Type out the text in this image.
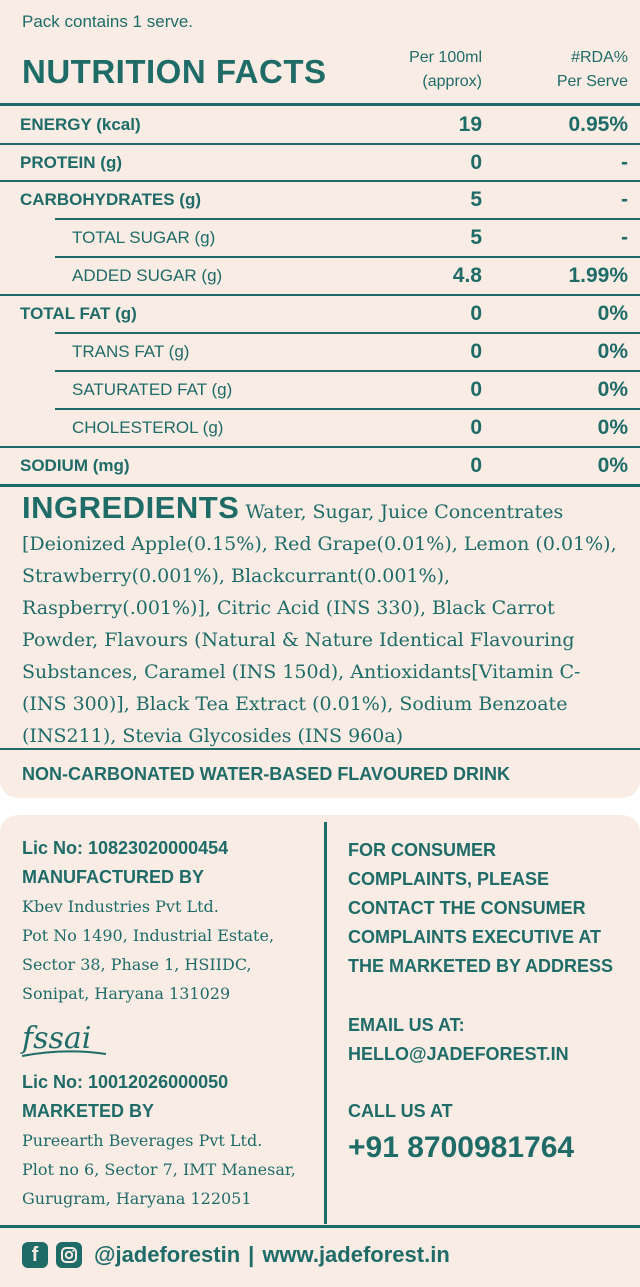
Pack contains 1 serve.
NUTRITION FACTS	Per 100ml
(approx)
#RDA%
Per Serve
ENERGY (kcal)	19	0.95%
PROTEIN (g)	0	-
CARBOHYDRATES (g)	5	-
TOTAL SUGAR (g)	5	-
ADDED SUGAR (g)	4.8	1.99%
TOTAL FAT (g)	0	0%
TRANS FAT (g)	0	0%
SATURATED FAT (g)	0	0%
CHOLESTEROL (g)	0	0%
SODIUM (mg)	0	0%
INGREDIENTS Water, Sugar, Juice Concentrates [Deionized Apple(0.15%), Red Grape(0.01%), Lemon (0.01%), Strawberry(0.001%), Blackcurrant(0.001%), Raspberry(.001%)], Citric Acid (INS 330), Black Carrot Powder, Flavours (Natural & Nature Identical Flavouring Substances, Caramel (INS 150d), Antioxidants[Vitamin C-(INS 300)], Black Tea Extract (0.01%), Sodium Benzoate (INS211), Stevia Glycosides (INS 960a)
NON-CARBONATED WATER-BASED FLAVOURED DRINK
Lic No: 10823020000454
MANUFACTURED BY
Kbev Industries Pvt Ltd.
Pot No 1490, Industrial Estate,
Sector 38, Phase 1, HSIIDC,
Sonipat, Haryana 131029
fssai
Lic No: 10012026000050
MARKETED BY
Pureearth Beverages Pvt Ltd.
Plot no 6, Sector 7, IMT Manesar,
Gurugram, Haryana 122051
FOR CONSUMER
COMPLAINTS, PLEASE
CONTACT THE CONSUMER
COMPLAINTS EXECUTIVE AT
THE MARKETED BY ADDRESS
EMAIL US AT:
HELLO@JADEFOREST.IN
CALL US AT
+91 8700981764
f	@jadeforestin | www.jadeforest.in
